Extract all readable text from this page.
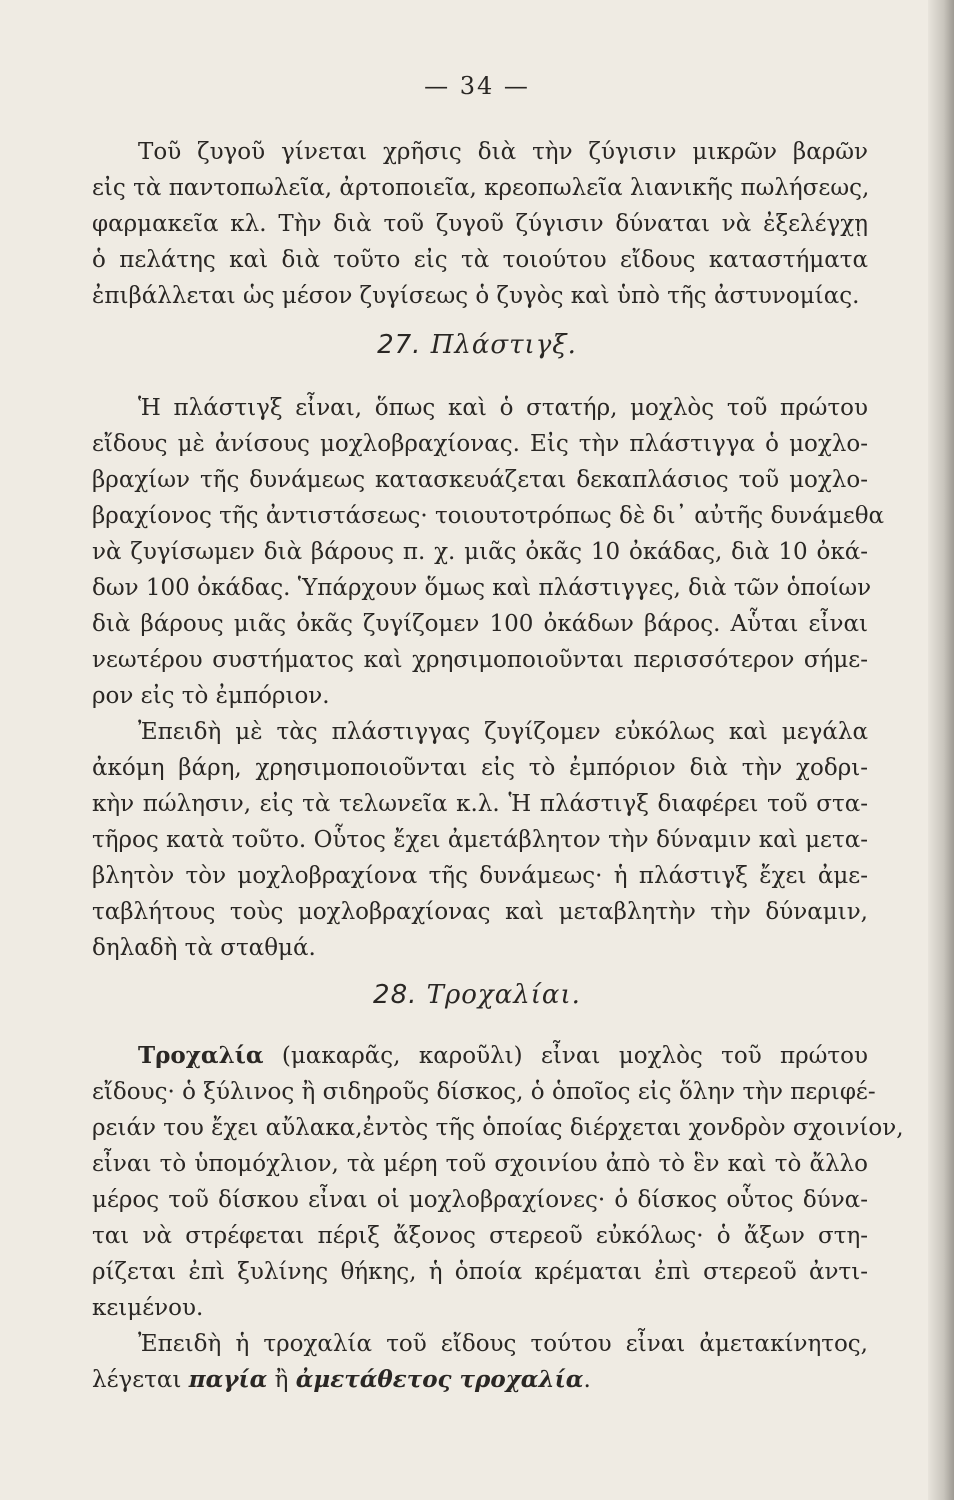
— 34 —
Τοῦ ζυγοῦ γίνεται χρῆσις διὰ τὴν ζύγισιν μικρῶν βαρῶν
εἰς τὰ παντοπωλεῖα, ἀρτοποιεῖα, κρεοπωλεῖα λιανικῆς πωλήσεως,
φαρμακεῖα κλ. Τὴν διὰ τοῦ ζυγοῦ ζύγισιν δύναται νὰ ἐξελέγχῃ
ὁ πελάτης καὶ διὰ τοῦτο εἰς τὰ τοιούτου εἴδους καταστήματα
ἐπιβάλλεται ὡς μέσον ζυγίσεως ὁ ζυγὸς καὶ ὑπὸ τῆς ἀστυνομίας.
27. Πλάστιγξ.
Ἡ πλάστιγξ εἶναι, ὅπως καὶ ὁ στατήρ, μοχλὸς τοῦ πρώτου
εἴδους μὲ ἀνίσους μοχλοβραχίονας. Εἰς τὴν πλάστιγγα ὁ μοχλο-
βραχίων τῆς δυνάμεως κατασκευάζεται δεκαπλάσιος τοῦ μοχλο-
βραχίονος τῆς ἀντιστάσεως· τοιουτοτρόπως δὲ δι᾽ αὐτῆς δυνάμεθα
νὰ ζυγίσωμεν διὰ βάρους π. χ. μιᾶς ὀκᾶς 10 ὀκάδας, διὰ 10 ὀκά-
δων 100 ὀκάδας. Ὑπάρχουν ὅμως καὶ πλάστιγγες, διὰ τῶν ὁποίων
διὰ βάρους μιᾶς ὀκᾶς ζυγίζομεν 100 ὀκάδων βάρος. Αὗται εἶναι
νεωτέρου συστήματος καὶ χρησιμοποιοῦνται περισσότερον σήμε-
ρον εἰς τὸ ἐμπόριον.
Ἐπειδὴ μὲ τὰς πλάστιγγας ζυγίζομεν εὐκόλως καὶ μεγάλα
ἀκόμη βάρη, χρησιμοποιοῦνται εἰς τὸ ἐμπόριον διὰ τὴν χοδρι-
κὴν πώλησιν, εἰς τὰ τελωνεῖα κ.λ. Ἡ πλάστιγξ διαφέρει τοῦ στα-
τῆρος κατὰ τοῦτο. Οὗτος ἔχει ἀμετάβλητον τὴν δύναμιν καὶ μετα-
βλητὸν τὸν μοχλοβραχίονα τῆς δυνάμεως· ἡ πλάστιγξ ἔχει ἀμε-
ταβλήτους τοὺς μοχλοβραχίονας καὶ μεταβλητὴν τὴν δύναμιν,
δηλαδὴ τὰ σταθμά.
28. Τροχαλίαι.
Τροχαλία (μακαρᾶς, καροῦλι) εἶναι μοχλὸς τοῦ πρώτου
εἴδους· ὁ ξύλινος ἢ σιδηροῦς δίσκος, ὁ ὁποῖος εἰς ὅλην τὴν περιφέ-
ρειάν του ἔχει αὔλακα,ἐντὸς τῆς ὁποίας διέρχεται χονδρὸν σχοινίον,
εἶναι τὸ ὑπομόχλιον, τὰ μέρη τοῦ σχοινίου ἀπὸ τὸ ἓν καὶ τὸ ἄλλο
μέρος τοῦ δίσκου εἶναι οἱ μοχλοβραχίονες· ὁ δίσκος οὗτος δύνα-
ται νὰ στρέφεται πέριξ ἄξονος στερεοῦ εὐκόλως· ὁ ἄξων στη-
ρίζεται ἐπὶ ξυλίνης θήκης, ἡ ὁποία κρέμαται ἐπὶ στερεοῦ ἀντι-
κειμένου.
Ἐπειδὴ ἡ τροχαλία τοῦ εἴδους τούτου εἶναι ἀμετακίνητος,
λέγεται παγία ἢ ἀμετάθετος τροχαλία.
